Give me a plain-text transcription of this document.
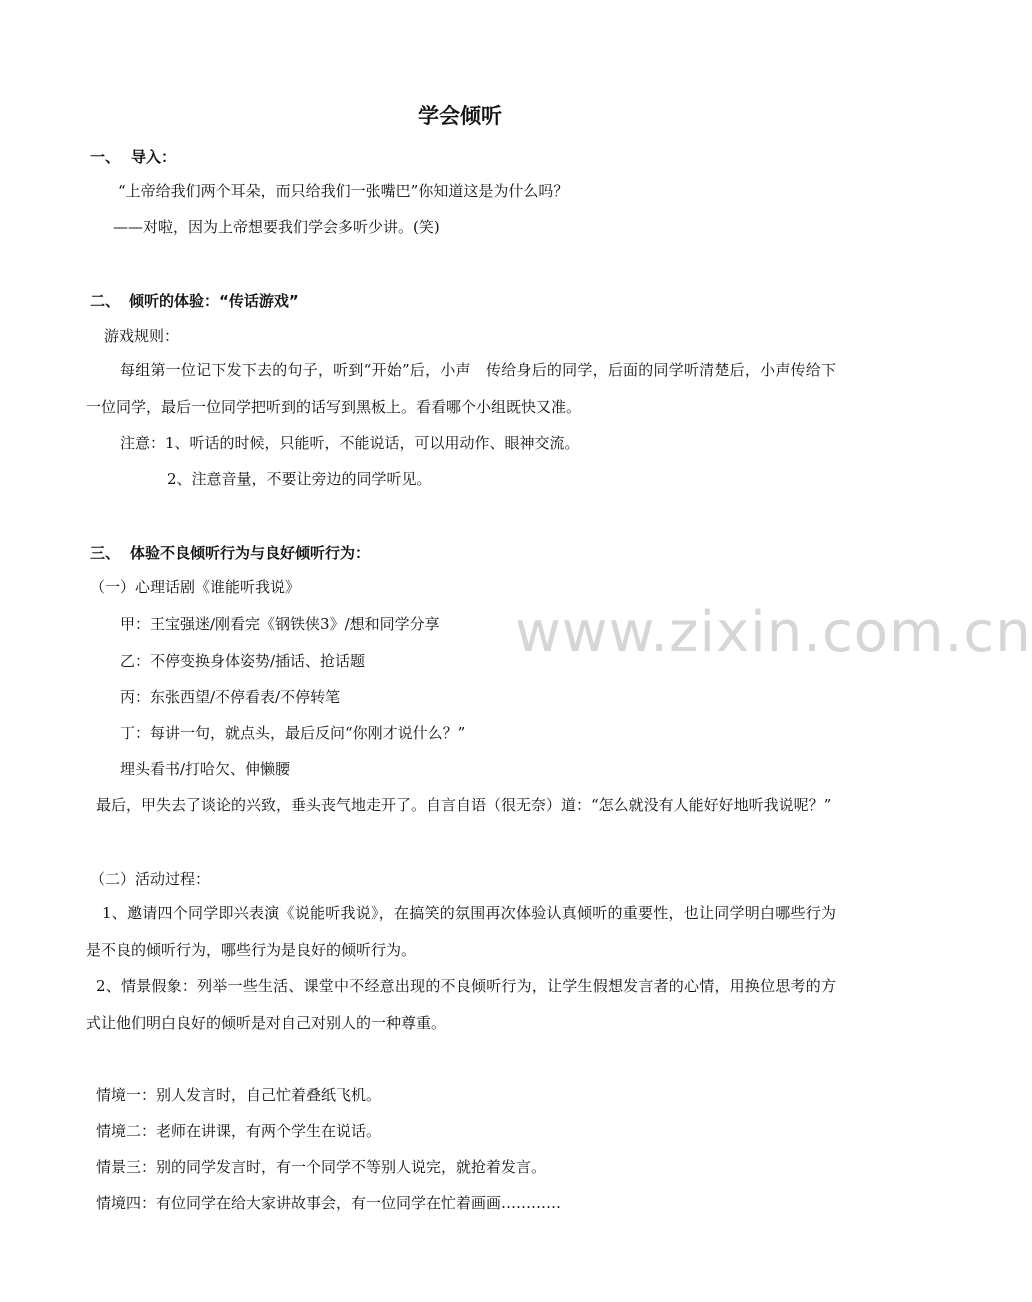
www.zixin.com.cn
学会倾听
一、 导入：
“上帝给我们两个耳朵，而只给我们一张嘴巴”你知道这是为什么吗？
——对啦，因为上帝想要我们学会多听少讲。(笑)
二、 倾听的体验：“传话游戏”
游戏规则：
每组第一位记下发下去的句子，听到“开始”后，小声　传给身后的同学，后面的同学听清楚后，小声传给下一位同学，最后一位同学把听到的话写到黑板上。看看哪个小组既快又准。
注意：1、听话的时候，只能听，不能说话，可以用动作、眼神交流。
2、注意音量，不要让旁边的同学听见。
三、 体验不良倾听行为与良好倾听行为：
（一）心理话剧《谁能听我说》
甲：王宝强迷/刚看完《钢铁侠3》/想和同学分享
乙：不停变换身体姿势/插话、抢话题
丙：东张西望/不停看表/不停转笔
丁：每讲一句，就点头，最后反问“你刚才说什么？”
埋头看书/打哈欠、伸懒腰
最后，甲失去了谈论的兴致，垂头丧气地走开了。自言自语（很无奈）道：“怎么就没有人能好好地听我说呢？”
（二）活动过程：
1、邀请四个同学即兴表演《说能听我说》，在搞笑的氛围再次体验认真倾听的重要性，也让同学明白哪些行为是不良的倾听行为，哪些行为是良好的倾听行为。
2、情景假象：列举一些生活、课堂中不经意出现的不良倾听行为，让学生假想发言者的心情，用换位思考的方式让他们明白良好的倾听是对自己对别人的一种尊重。
情境一：别人发言时，自己忙着叠纸飞机。
情境二：老师在讲课，有两个学生在说话。
情景三：别的同学发言时，有一个同学不等别人说完，就抢着发言。
情境四：有位同学在给大家讲故事会，有一位同学在忙着画画…………
